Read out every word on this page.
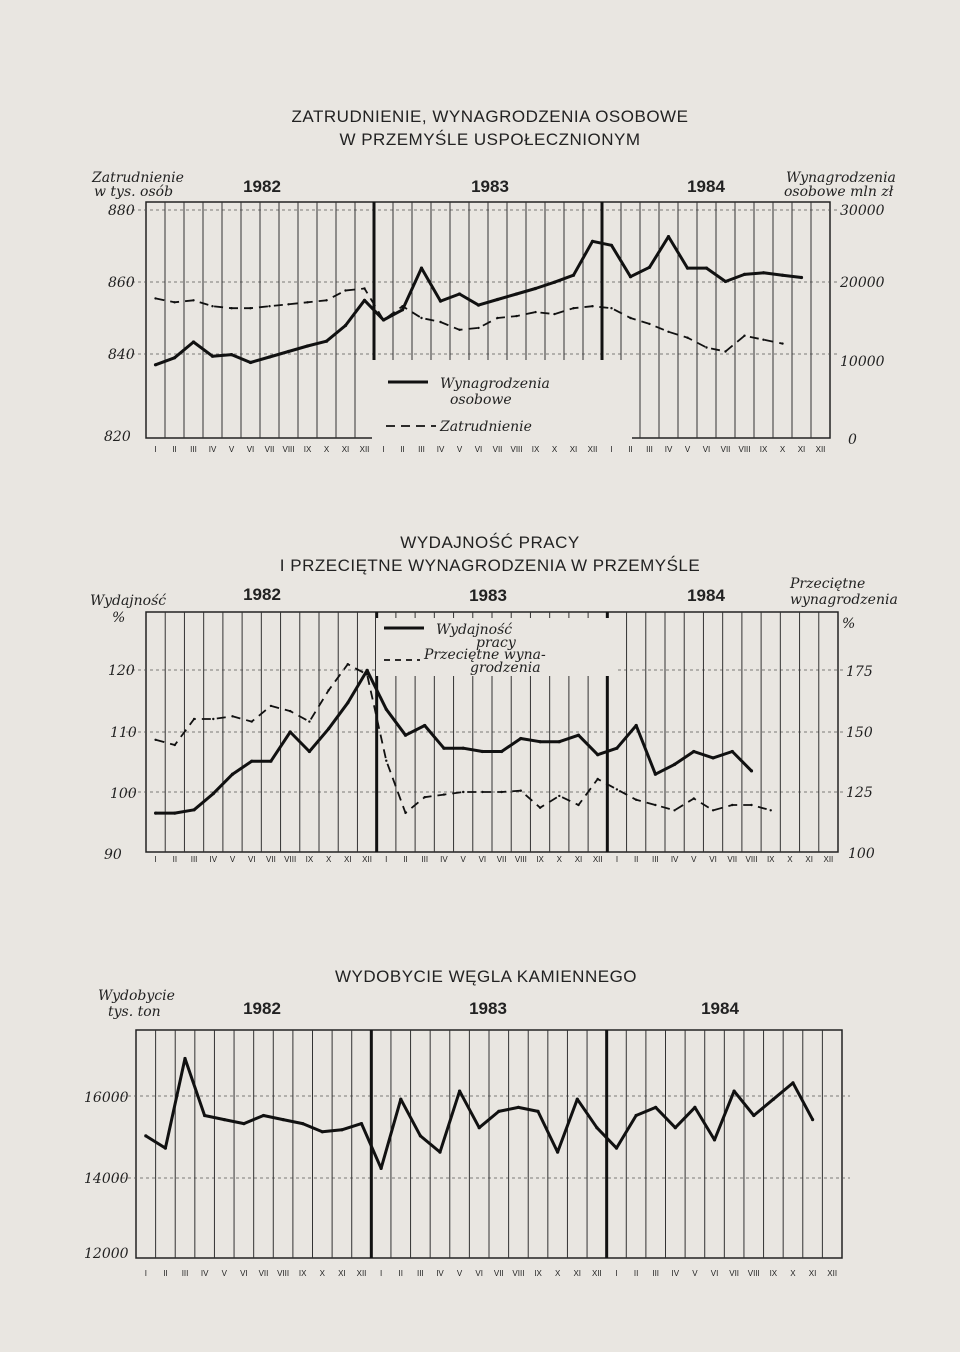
ZATRUDNIENIE, WYNAGRODZENIA OSOBOWE
W PRZEMYŚLE USPOŁECZNIONYM
Zatrudnienie
w tys. osób
Wynagrodzenia
osobowe mln zł
1982	1983	1984
880
860
840
820
30000
20000
10000
0
I II III IV V VI VII VIII IX X XI XII I II III IV V VI VII VIII IX X XI XII I II III IV V VI VII VIII IX X XI XII
Wynagrodzenia
osobowe
Zatrudnienie
WYDAJNOŚĆ PRACY
I PRZECIĘTNE WYNAGRODZENIA W PRZEMYŚLE
Wydajność
%
Przeciętne
wynagrodzenia
%
1982	1983	1984
120
110
100
90
175
150
125
100
I II III IV V VI VII VIII IX X XI XII I II III IV V VI VII VIII IX X XI XII I II III IV V VI VII VIII IX X XI XII
Wydajność
pracy
Przeciętne wyna-
grodzenia
WYDOBYCIE WĘGLA KAMIENNEGO
Wydobycie
tys. ton	1982	1983	1984
16000
14000
12000
I II III IV V VI VII VIII IX X XI XII I II III IV V VI VII VIII IX X XI XII I II III IV V VI VII VIII IX X XI XII
